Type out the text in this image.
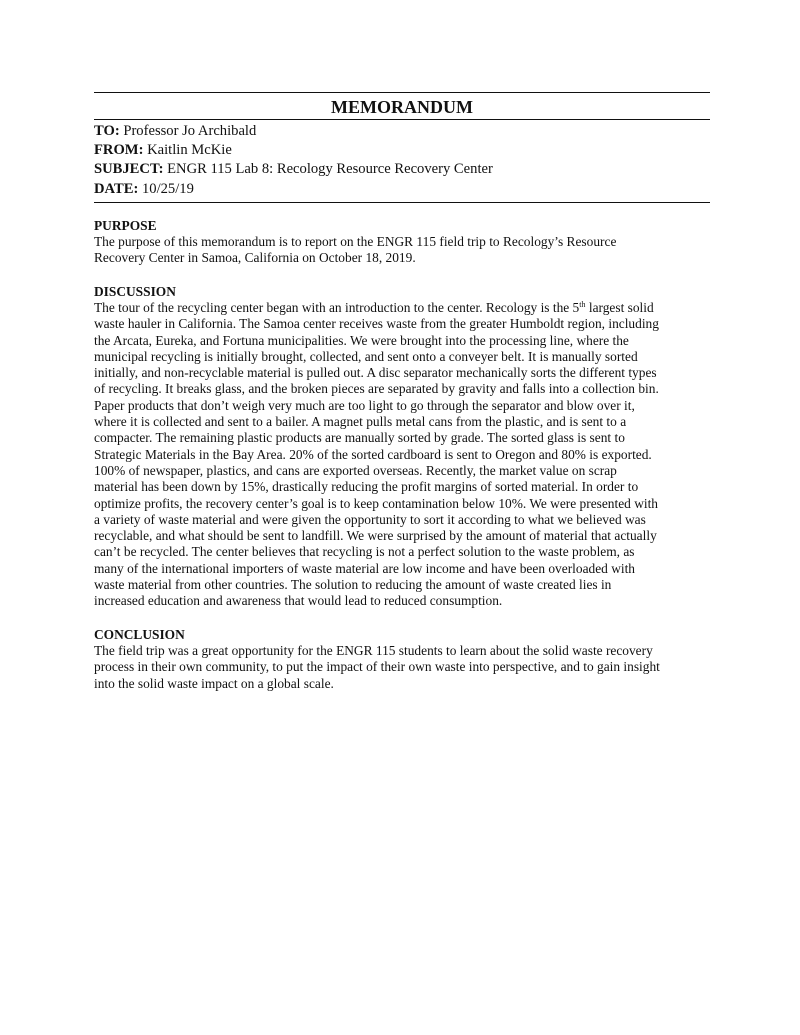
MEMORANDUM
TO: Professor Jo Archibald
FROM: Kaitlin McKie
SUBJECT: ENGR 115 Lab 8: Recology Resource Recovery Center
DATE: 10/25/19
PURPOSE
The purpose of this memorandum is to report on the ENGR 115 field trip to Recology’s Resource
Recovery Center in Samoa, California on October 18, 2019.
DISCUSSION
The tour of the recycling center began with an introduction to the center. Recology is the 5th largest solid
waste hauler in California. The Samoa center receives waste from the greater Humboldt region, including
the Arcata, Eureka, and Fortuna municipalities. We were brought into the processing line, where the
municipal recycling is initially brought, collected, and sent onto a conveyer belt. It is manually sorted
initially, and non-recyclable material is pulled out. A disc separator mechanically sorts the different types
of recycling. It breaks glass, and the broken pieces are separated by gravity and falls into a collection bin.
Paper products that don’t weigh very much are too light to go through the separator and blow over it,
where it is collected and sent to a bailer. A magnet pulls metal cans from the plastic, and is sent to a
compacter. The remaining plastic products are manually sorted by grade. The sorted glass is sent to
Strategic Materials in the Bay Area. 20% of the sorted cardboard is sent to Oregon and 80% is exported.
100% of newspaper, plastics, and cans are exported overseas. Recently, the market value on scrap
material has been down by 15%, drastically reducing the profit margins of sorted material. In order to
optimize profits, the recovery center’s goal is to keep contamination below 10%. We were presented with
a variety of waste material and were given the opportunity to sort it according to what we believed was
recyclable, and what should be sent to landfill. We were surprised by the amount of material that actually
can’t be recycled. The center believes that recycling is not a perfect solution to the waste problem, as
many of the international importers of waste material are low income and have been overloaded with
waste material from other countries. The solution to reducing the amount of waste created lies in
increased education and awareness that would lead to reduced consumption.
CONCLUSION
The field trip was a great opportunity for the ENGR 115 students to learn about the solid waste recovery
process in their own community, to put the impact of their own waste into perspective, and to gain insight
into the solid waste impact on a global scale.
